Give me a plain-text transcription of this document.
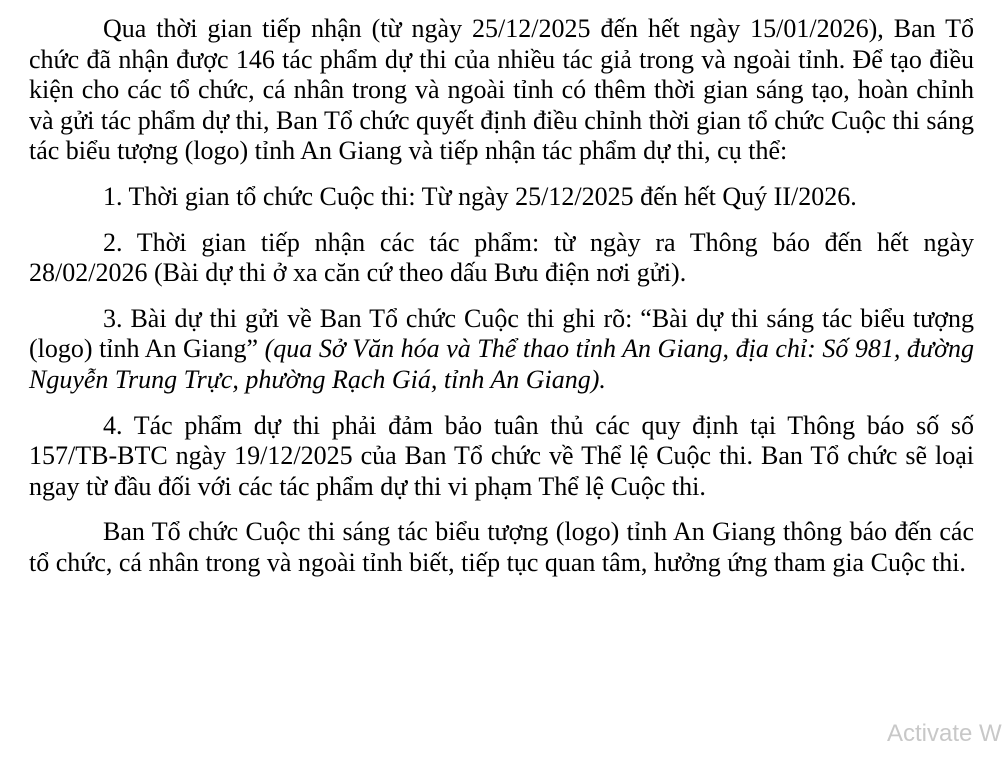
Qua thời gian tiếp nhận (từ ngày 25/12/2025 đến hết ngày 15/01/2026), Ban Tổ chức đã nhận được 146 tác phẩm dự thi của nhiều tác giả trong và ngoài tỉnh. Để tạo điều kiện cho các tổ chức, cá nhân trong và ngoài tỉnh có thêm thời gian sáng tạo, hoàn chỉnh và gửi tác phẩm dự thi, Ban Tổ chức quyết định điều chỉnh thời gian tổ chức Cuộc thi sáng tác biểu tượng (logo) tỉnh An Giang và tiếp nhận tác phẩm dự thi, cụ thể:

1. Thời gian tổ chức Cuộc thi: Từ ngày 25/12/2025 đến hết Quý II/2026.

2. Thời gian tiếp nhận các tác phẩm: từ ngày ra Thông báo đến hết ngày 28/02/2026 (Bài dự thi ở xa căn cứ theo dấu Bưu điện nơi gửi).

3. Bài dự thi gửi về Ban Tổ chức Cuộc thi ghi rõ: “Bài dự thi sáng tác biểu tượng (logo) tỉnh An Giang” (qua Sở Văn hóa và Thể thao tỉnh An Giang, địa chỉ: Số 981, đường Nguyễn Trung Trực, phường Rạch Giá, tỉnh An Giang).

4. Tác phẩm dự thi phải đảm bảo tuân thủ các quy định tại Thông báo số số 157/TB-BTC ngày 19/12/2025 của Ban Tổ chức về Thể lệ Cuộc thi. Ban Tổ chức sẽ loại ngay từ đầu đối với các tác phẩm dự thi vi phạm Thể lệ Cuộc thi.

Ban Tổ chức Cuộc thi sáng tác biểu tượng (logo) tỉnh An Giang thông báo đến các tổ chức, cá nhân trong và ngoài tỉnh biết, tiếp tục quan tâm, hưởng ứng tham gia Cuộc thi.

Activate W
